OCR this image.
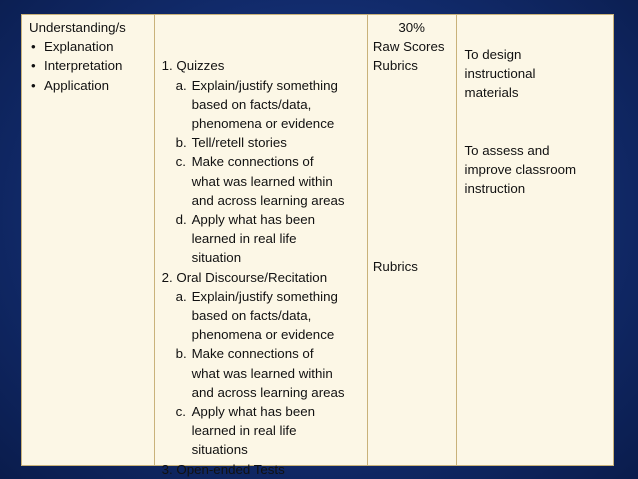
Understanding/s
• Explanation
• Interpretation
• Application
1. Quizzes
a. Explain/justify something
based on facts/data,
phenomena or evidence
b. Tell/retell stories
c. Make connections of
what was learned within
and across learning areas
d. Apply what has been
learned in real life
situation
2. Oral Discourse/Recitation
a. Explain/justify something
based on facts/data,
phenomena or evidence
b. Make connections of
what was learned within
and across learning areas
c. Apply what has been
learned in real life
situations
3. Open-ended Tests
30%
Raw Scores
Rubrics
Rubrics
To design
instructional
materials
To assess and
improve classroom
instruction
